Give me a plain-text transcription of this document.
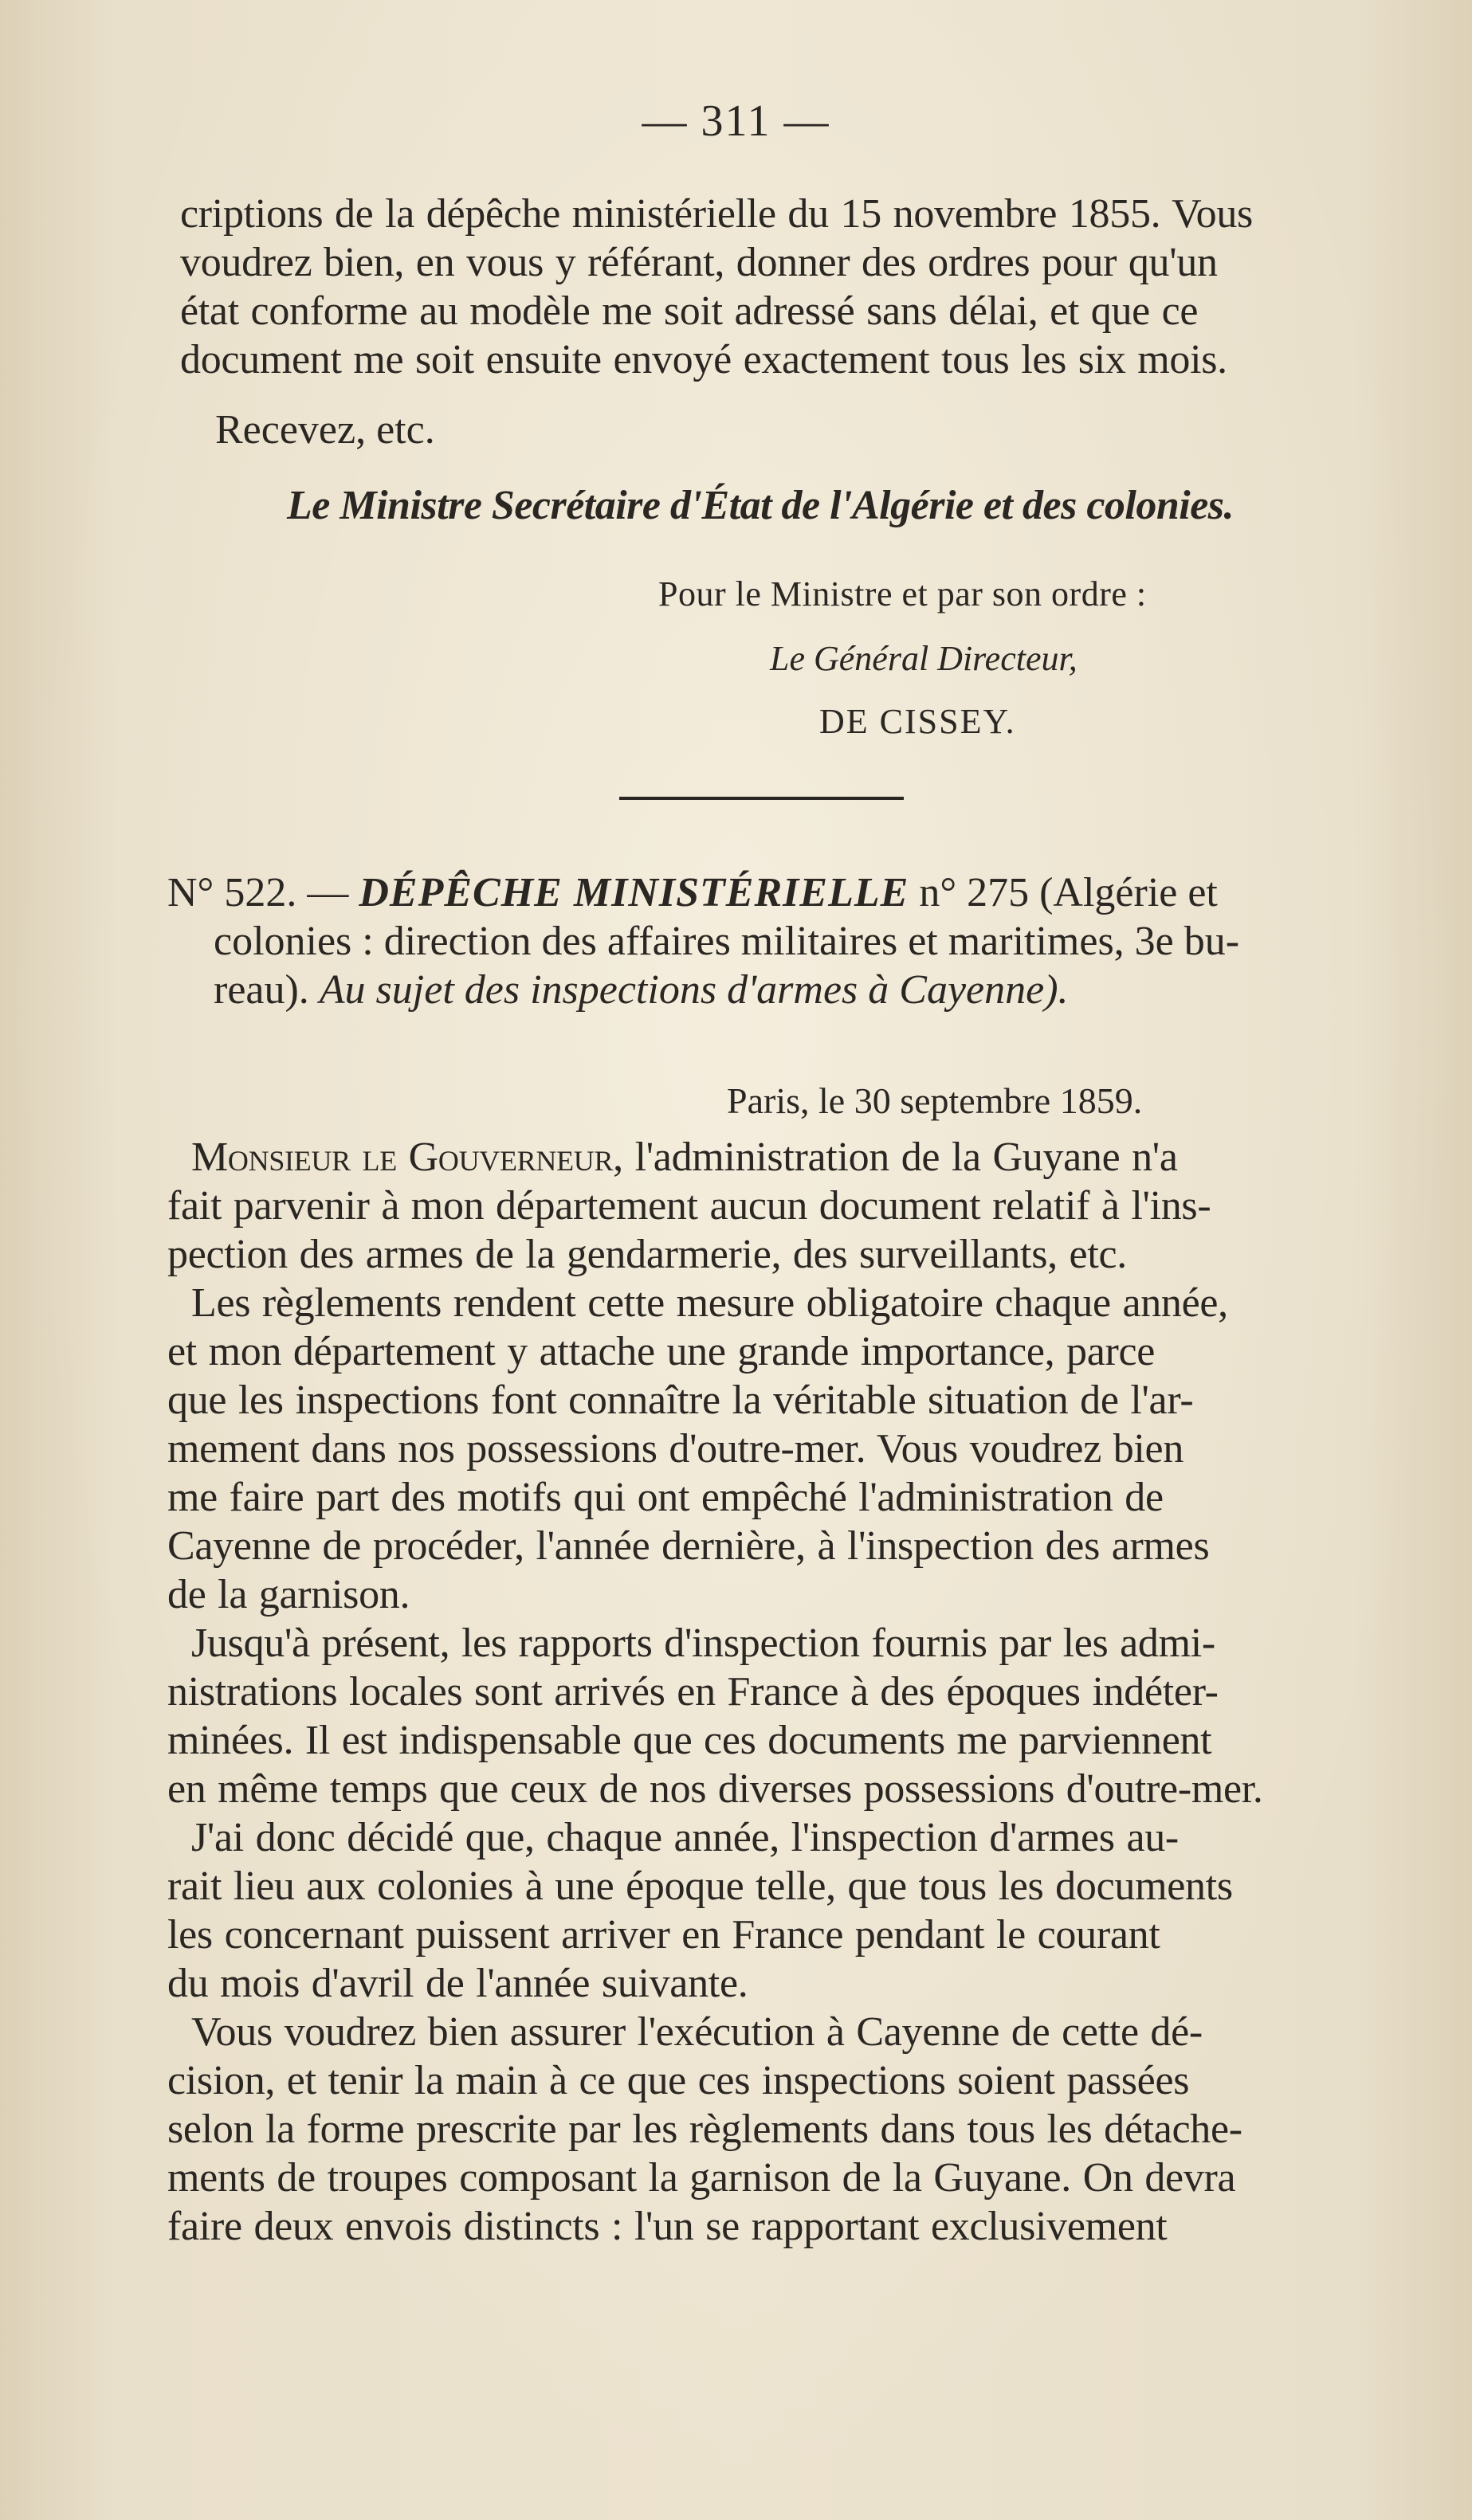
— 311 —
criptions de la dépêche ministérielle du 15 novembre 1855. Vous
voudrez bien, en vous y référant, donner des ordres pour qu'un
état conforme au modèle me soit adressé sans délai, et que ce
document me soit ensuite envoyé exactement tous les six mois.
Recevez, etc.
Le Ministre Secrétaire d'État de l'Algérie et des colonies.
Pour le Ministre et par son ordre :
Le Général Directeur,
DE CISSEY.
N° 522. — DÉPÊCHE MINISTÉRIELLE n° 275 (Algérie et
colonies : direction des affaires militaires et maritimes, 3e bu-
reau). Au sujet des inspections d'armes à Cayenne).
Paris, le 30 septembre 1859.
Monsieur le Gouverneur, l'administration de la Guyane n'a
fait parvenir à mon département aucun document relatif à l'ins-
pection des armes de la gendarmerie, des surveillants, etc.
Les règlements rendent cette mesure obligatoire chaque année,
et mon département y attache une grande importance, parce
que les inspections font connaître la véritable situation de l'ar-
mement dans nos possessions d'outre-mer. Vous voudrez bien
me faire part des motifs qui ont empêché l'administration de
Cayenne de procéder, l'année dernière, à l'inspection des armes
de la garnison.
Jusqu'à présent, les rapports d'inspection fournis par les admi-
nistrations locales sont arrivés en France à des époques indéter-
minées. Il est indispensable que ces documents me parviennent
en même temps que ceux de nos diverses possessions d'outre-mer.
J'ai donc décidé que, chaque année, l'inspection d'armes au-
rait lieu aux colonies à une époque telle, que tous les documents
les concernant puissent arriver en France pendant le courant
du mois d'avril de l'année suivante.
Vous voudrez bien assurer l'exécution à Cayenne de cette dé-
cision, et tenir la main à ce que ces inspections soient passées
selon la forme prescrite par les règlements dans tous les détache-
ments de troupes composant la garnison de la Guyane. On devra
faire deux envois distincts : l'un se rapportant exclusivement
